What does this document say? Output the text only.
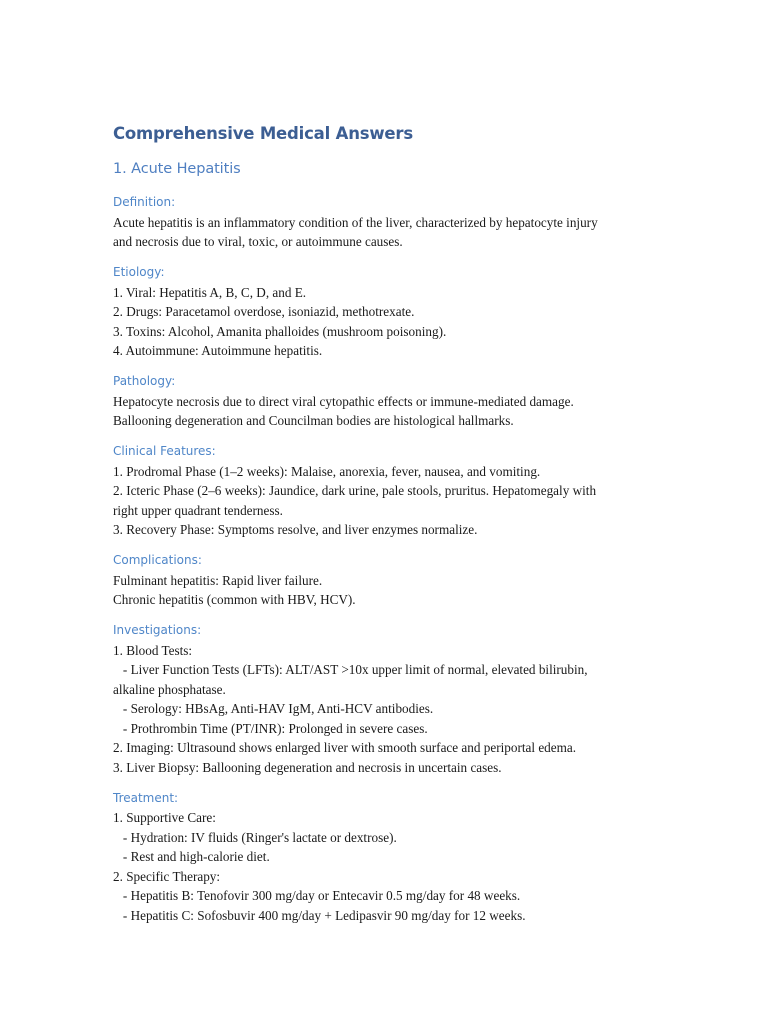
Comprehensive Medical Answers
1. Acute Hepatitis
Definition:
Acute hepatitis is an inflammatory condition of the liver, characterized by hepatocyte injury
and necrosis due to viral, toxic, or autoimmune causes.
Etiology:
1. Viral: Hepatitis A, B, C, D, and E.
2. Drugs: Paracetamol overdose, isoniazid, methotrexate.
3. Toxins: Alcohol, Amanita phalloides (mushroom poisoning).
4. Autoimmune: Autoimmune hepatitis.
Pathology:
Hepatocyte necrosis due to direct viral cytopathic effects or immune-mediated damage.
Ballooning degeneration and Councilman bodies are histological hallmarks.
Clinical Features:
1. Prodromal Phase (1–2 weeks): Malaise, anorexia, fever, nausea, and vomiting.
2. Icteric Phase (2–6 weeks): Jaundice, dark urine, pale stools, pruritus. Hepatomegaly with
right upper quadrant tenderness.
3. Recovery Phase: Symptoms resolve, and liver enzymes normalize.
Complications:
Fulminant hepatitis: Rapid liver failure.
Chronic hepatitis (common with HBV, HCV).
Investigations:
1. Blood Tests:
- Liver Function Tests (LFTs): ALT/AST >10x upper limit of normal, elevated bilirubin,
alkaline phosphatase.
- Serology: HBsAg, Anti-HAV IgM, Anti-HCV antibodies.
- Prothrombin Time (PT/INR): Prolonged in severe cases.
2. Imaging: Ultrasound shows enlarged liver with smooth surface and periportal edema.
3. Liver Biopsy: Ballooning degeneration and necrosis in uncertain cases.
Treatment:
1. Supportive Care:
- Hydration: IV fluids (Ringer's lactate or dextrose).
- Rest and high-calorie diet.
2. Specific Therapy:
- Hepatitis B: Tenofovir 300 mg/day or Entecavir 0.5 mg/day for 48 weeks.
- Hepatitis C: Sofosbuvir 400 mg/day + Ledipasvir 90 mg/day for 12 weeks.
